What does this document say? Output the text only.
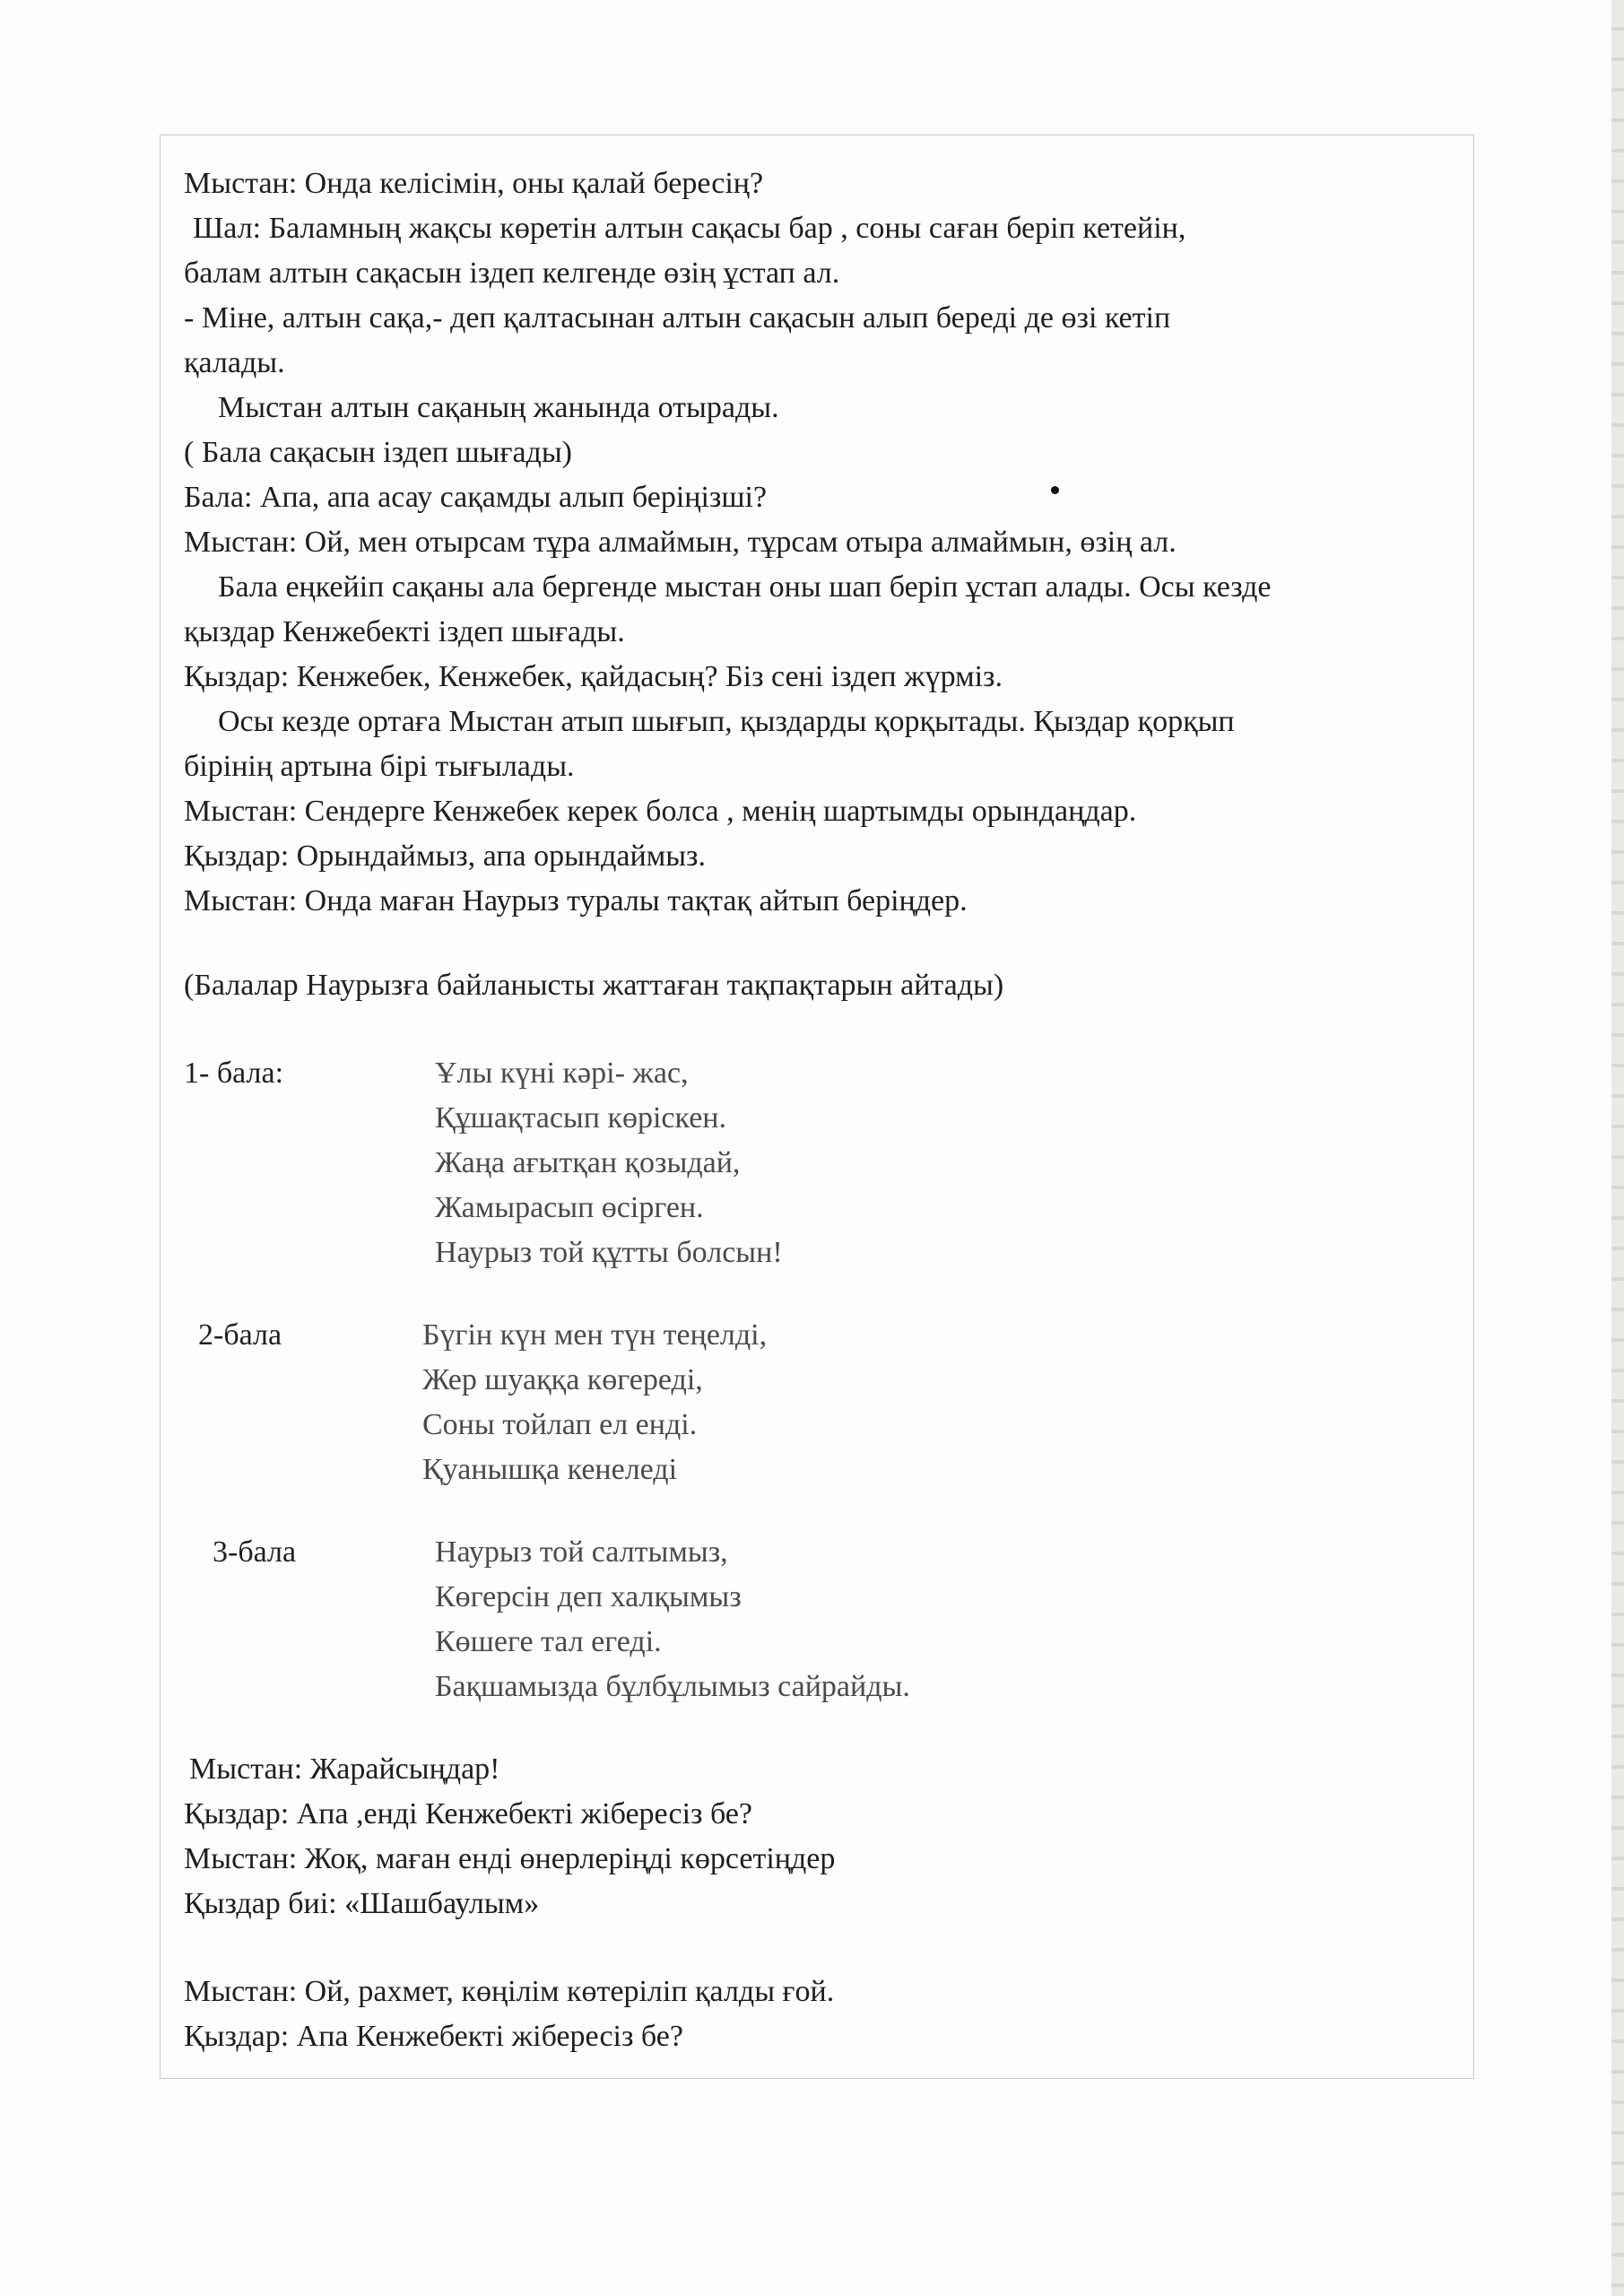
Мыстан: Онда келісімін, оны қалай бересің?
Шал: Баламның жақсы көретін алтын сақасы бар , соны саған беріп кетейін,
балам алтын сақасын іздеп келгенде өзің ұстап ал.
- Міне, алтын сақа,- деп қалтасынан алтын сақасын алып береді де өзі кетіп
қалады.
Мыстан алтын сақаның жанында отырады.
( Бала сақасын іздеп шығады)
Бала: Апа, апа асау сақамды алып беріңізші?
Мыстан: Ой, мен отырсам тұра алмаймын, тұрсам отыра алмаймын, өзің ал.
Бала еңкейіп сақаны ала бергенде мыстан оны шап беріп ұстап алады. Осы кезде
қыздар Кенжебекті іздеп шығады.
Қыздар: Кенжебек, Кенжебек, қайдасың? Біз сені іздеп жүрміз.
Осы кезде ортаға Мыстан атып шығып, қыздарды қорқытады. Қыздар қорқып
бірінің артына бірі тығылады.
Мыстан: Сендерге Кенжебек керек болса , менің шартымды орындаңдар.
Қыздар: Орындаймыз, апа орындаймыз.
Мыстан: Онда маған Наурыз туралы тақтақ айтып беріңдер.
(Балалар Наурызға байланысты жаттаған тақпақтарын айтады)
1- бала:	Ұлы күні кәрі- жас,
Құшақтасып көріскен.
Жаңа ағытқан қозыдай,
Жамырасып өсірген.
Наурыз той құтты болсын!
2-бала	Бүгін күн мен түн теңелді,
Жер шуаққа көгереді,
Соны тойлап ел енді.
Қуанышқа кенеледі
3-бала	Наурыз той салтымыз,
Көгерсін деп халқымыз
Көшеге тал егеді.
Бақшамызда бұлбұлымыз сайрайды.
Мыстан: Жарайсыңдар!
Қыздар: Апа ,енді Кенжебекті жібересіз бе?
Мыстан: Жоқ, маған енді өнерлеріңді көрсетіңдер
Қыздар биі: «Шашбаулым»
Мыстан: Ой, рахмет, көңілім көтеріліп қалды ғой.
Қыздар: Апа Кенжебекті жібересіз бе?
